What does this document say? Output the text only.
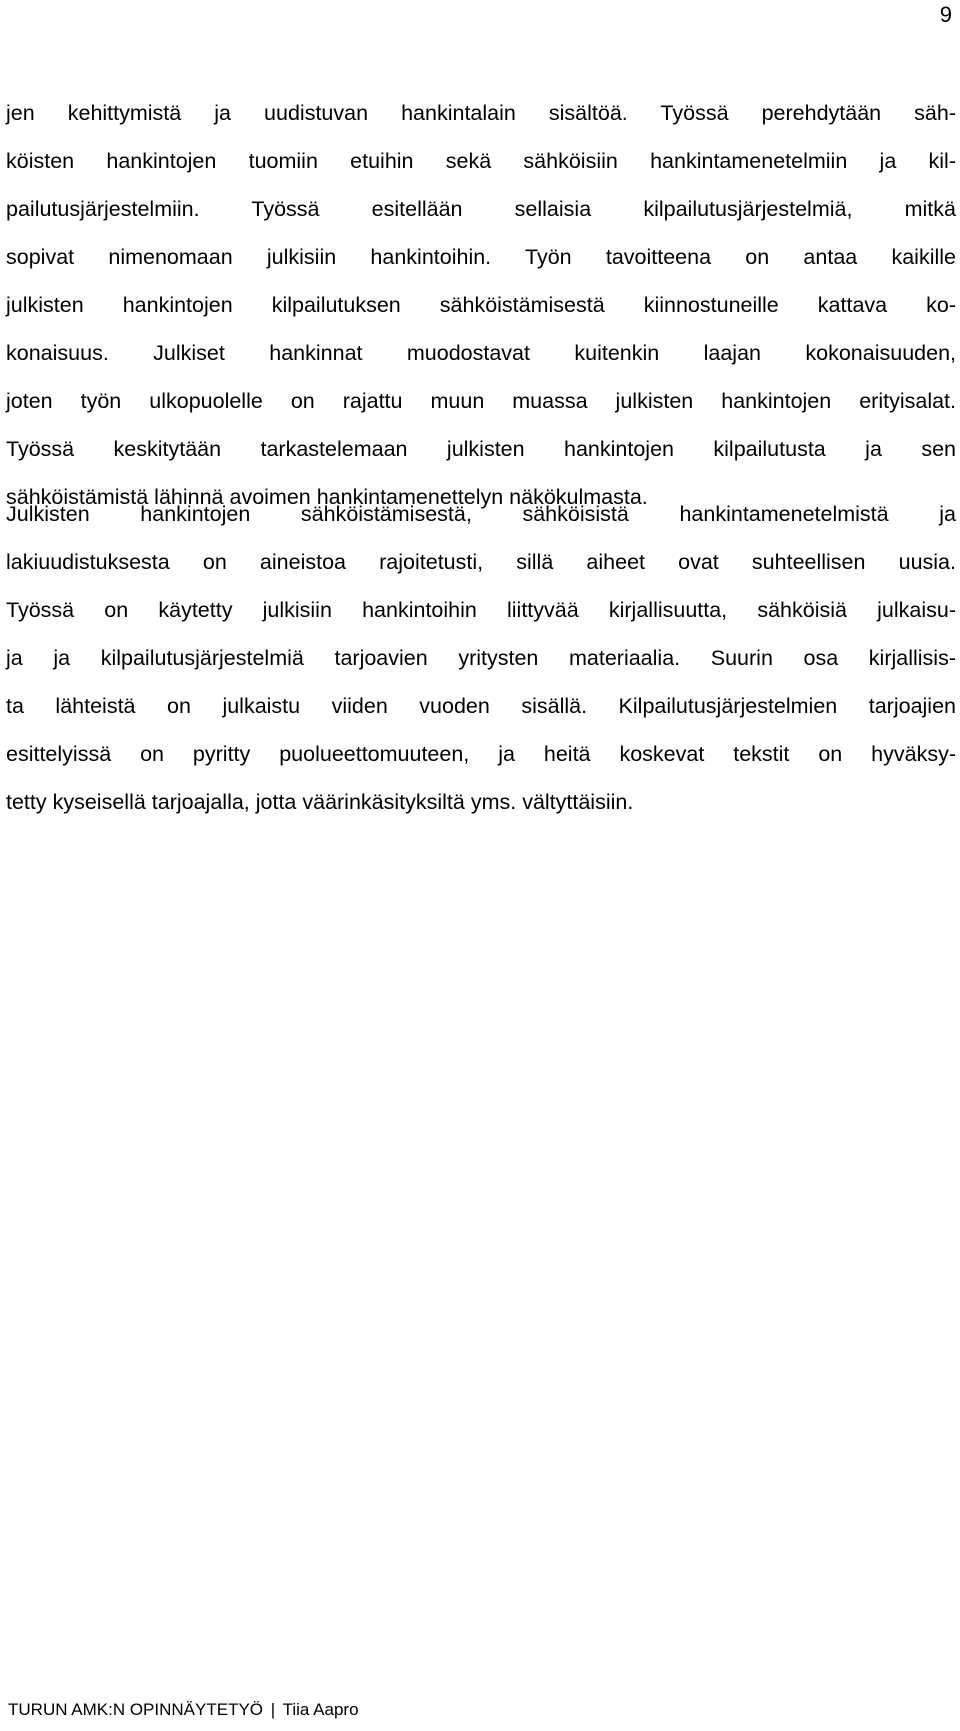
9
jen kehittymistä ja uudistuvan hankintalain sisältöä. Työssä perehdytään säh-
köisten hankintojen tuomiin etuihin sekä sähköisiin hankintamenetelmiin ja kil-
pailutusjärjestelmiin. Työssä esitellään sellaisia kilpailutusjärjestelmiä, mitkä
sopivat nimenomaan julkisiin hankintoihin. Työn tavoitteena on antaa kaikille
julkisten hankintojen kilpailutuksen sähköistämisestä kiinnostuneille kattava ko-
konaisuus. Julkiset hankinnat muodostavat kuitenkin laajan kokonaisuuden,
joten työn ulkopuolelle on rajattu muun muassa julkisten hankintojen erityisalat.
Työssä keskitytään tarkastelemaan julkisten hankintojen kilpailutusta ja sen
sähköistämistä lähinnä avoimen hankintamenettelyn näkökulmasta.
Julkisten hankintojen sähköistämisestä, sähköisistä hankintamenetelmistä ja
lakiuudistuksesta on aineistoa rajoitetusti, sillä aiheet ovat suhteellisen uusia.
Työssä on käytetty julkisiin hankintoihin liittyvää kirjallisuutta, sähköisiä julkaisu-
ja ja kilpailutusjärjestelmiä tarjoavien yritysten materiaalia. Suurin osa kirjallisis-
ta lähteistä on julkaistu viiden vuoden sisällä. Kilpailutusjärjestelmien tarjoajien
esittelyissä on pyritty puolueettomuuteen, ja heitä koskevat tekstit on hyväksy-
tetty kyseisellä tarjoajalla, jotta väärinkäsityksiltä yms. vältyttäisiin.
TURUN AMK:N OPINNÄYTETYÖ | Tiia Aapro
